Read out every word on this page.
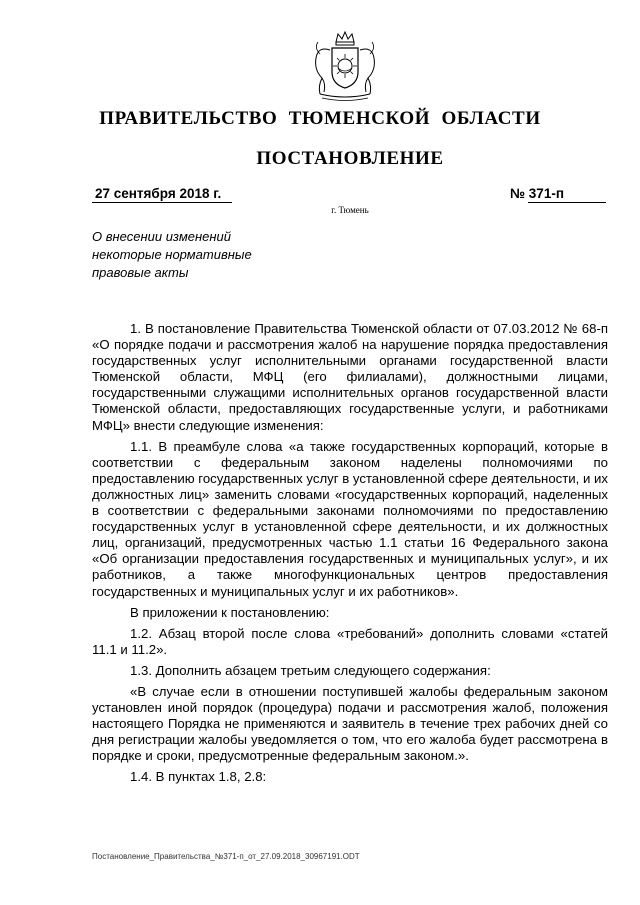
ПРАВИТЕЛЬСТВО ТЮМЕНСКОЙ ОБЛАСТИ
ПОСТАНОВЛЕНИЕ
27 сентября 2018 г.	№ 371-п
г. Тюмень
О внесении изменений некоторые нормативные правовые акты

1. В постановление Правительства Тюменской области от 07.03.2012 № 68-п «О порядке подачи и рассмотрения жалоб на нарушение порядка предоставления государственных услуг исполнительными органами государственной власти Тюменской области, МФЦ (его филиалами), должностными лицами, государственными служащими исполнительных органов государственной власти Тюменской области, предоставляющих государственные услуги, и работниками МФЦ» внести следующие изменения:

1.1. В преамбуле слова «а также государственных корпораций, которые в соответствии с федеральным законом наделены полномочиями по предоставлению государственных услуг в установленной сфере деятельности, и их должностных лиц» заменить словами «государственных корпораций, наделенных в соответствии с федеральными законами полномочиями по предоставлению государственных услуг в установленной сфере деятельности, и их должностных лиц, организаций, предусмотренных частью 1.1 статьи 16 Федерального закона «Об организации предоставления государственных и муниципальных услуг», и их работников, а также многофункциональных центров предоставления государственных и муниципальных услуг и их работников».

В приложении к постановлению:

1.2. Абзац второй после слова «требований» дополнить словами «статей 11.1 и 11.2».

1.3. Дополнить абзацем третьим следующего содержания:

«В случае если в отношении поступившей жалобы федеральным законом установлен иной порядок (процедура) подачи и рассмотрения жалоб, положения настоящего Порядка не применяются и заявитель в течение трех рабочих дней со дня регистрации жалобы уведомляется о том, что его жалоба будет рассмотрена в порядке и сроки, предусмотренные федеральным законом.».

1.4. В пунктах 1.8, 2.8:

Постановление_Правительства_№371-п_от_27.09.2018_30967191.ODT
